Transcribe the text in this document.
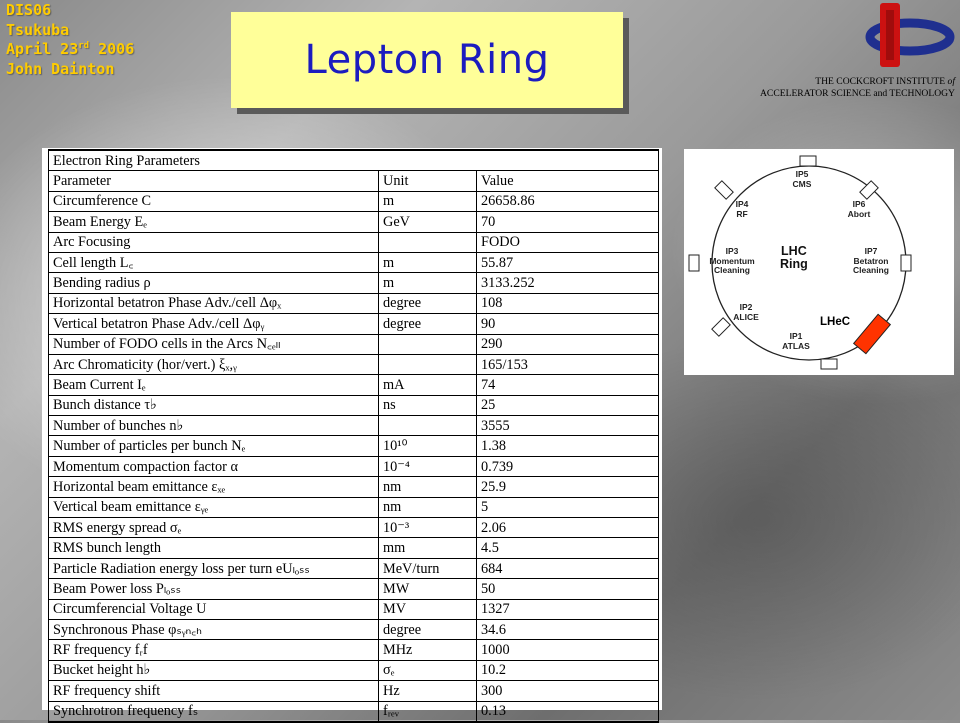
DIS06
Tsukuba
April 23rd 2006
John Dainton	Lepton Ring	THE COCKCROFT INSTITUTE of
ACCELERATOR SCIENCE and TECHNOLOGY
Electron Ring Parameters		
Parameter	Unit	Value
Circumference C	m	26658.86
Beam Energy Eₑ	GeV	70
Arc Focusing		FODO
Cell length L꜀	m	55.87
Bending radius ρ	m	3133.252
Horizontal betatron Phase Adv./cell Δφₓ	degree	108
Vertical betatron Phase Adv./cell Δφᵧ	degree	90
Number of FODO cells in the Arcs N꜀ₑₗₗ		290
Arc Chromaticity (hor/vert.) ξₓ,ᵧ		165/153
Beam Current Iₑ	mA	74
Bunch distance τ♭	ns	25
Number of bunches n♭		3555
Number of particles per bunch Nₑ	10¹⁰	1.38
Momentum compaction factor α	10⁻⁴	0.739
Horizontal beam emittance εₓₑ	nm	25.9
Vertical beam emittance εᵧₑ	nm	5
RMS energy spread σₑ	10⁻³	2.06
RMS bunch length	mm	4.5
Particle Radiation energy loss per turn eUₗₒₛₛ	MeV/turn	684
Beam Power loss Pₗₒₛₛ	MW	50
Circumferencial Voltage U	MV	1327
Synchronous Phase φₛᵧₙ꜀ₕ	degree	34.6
RF frequency fᵣf	MHz	1000
Bucket height h♭	σₑ	10.2
RF frequency shift	Hz	300
Synchrotron frequency fₛ	fᵣₑᵥ	0.13
IP5
CMS
IP6
Abort
IP7
Betatron
Cleaning
IP1
ATLAS
IP2
ALICE
IP3
Momentum
Cleaning
IP4
RF
LHC
Ring
LHeC
